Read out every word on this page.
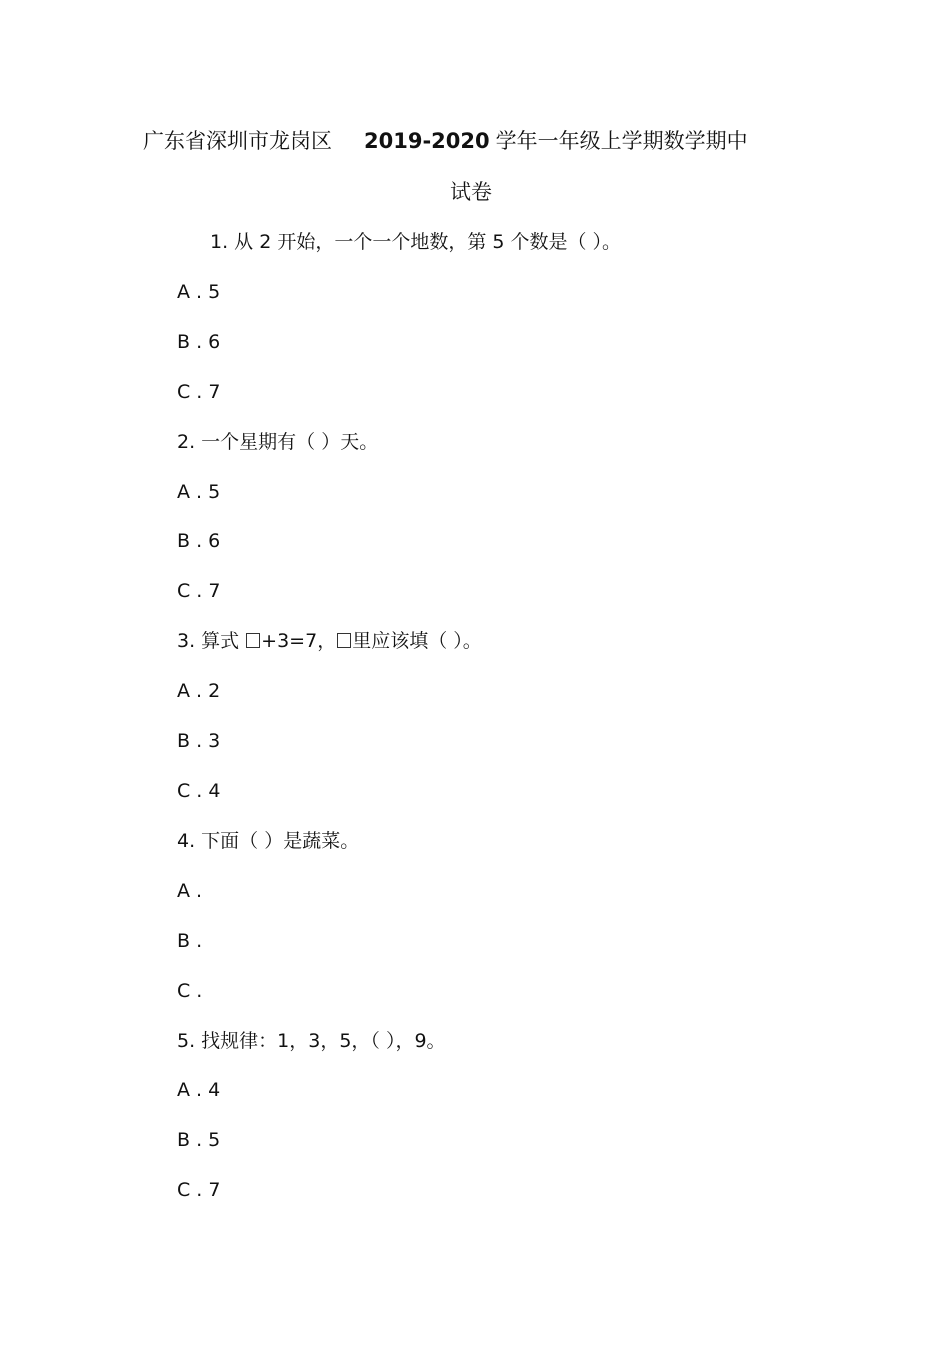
广东省深圳市龙岗区 2019-2020 学年一年级上学期数学期中
试卷
1. 从 2 开始，一个一个地数，第 5 个数是（ ）。
A . 5
B . 6
C . 7
2. 一个星期有（ ）天。
A . 5
B . 6
C . 7
3. 算式 +3=7， 里应该填（ ）。
A . 2
B . 3
C . 4
4. 下面（ ）是蔬菜。
A .
B .
C .
5. 找规律：1，3，5，（ ），9。
A . 4
B . 5
C . 7
